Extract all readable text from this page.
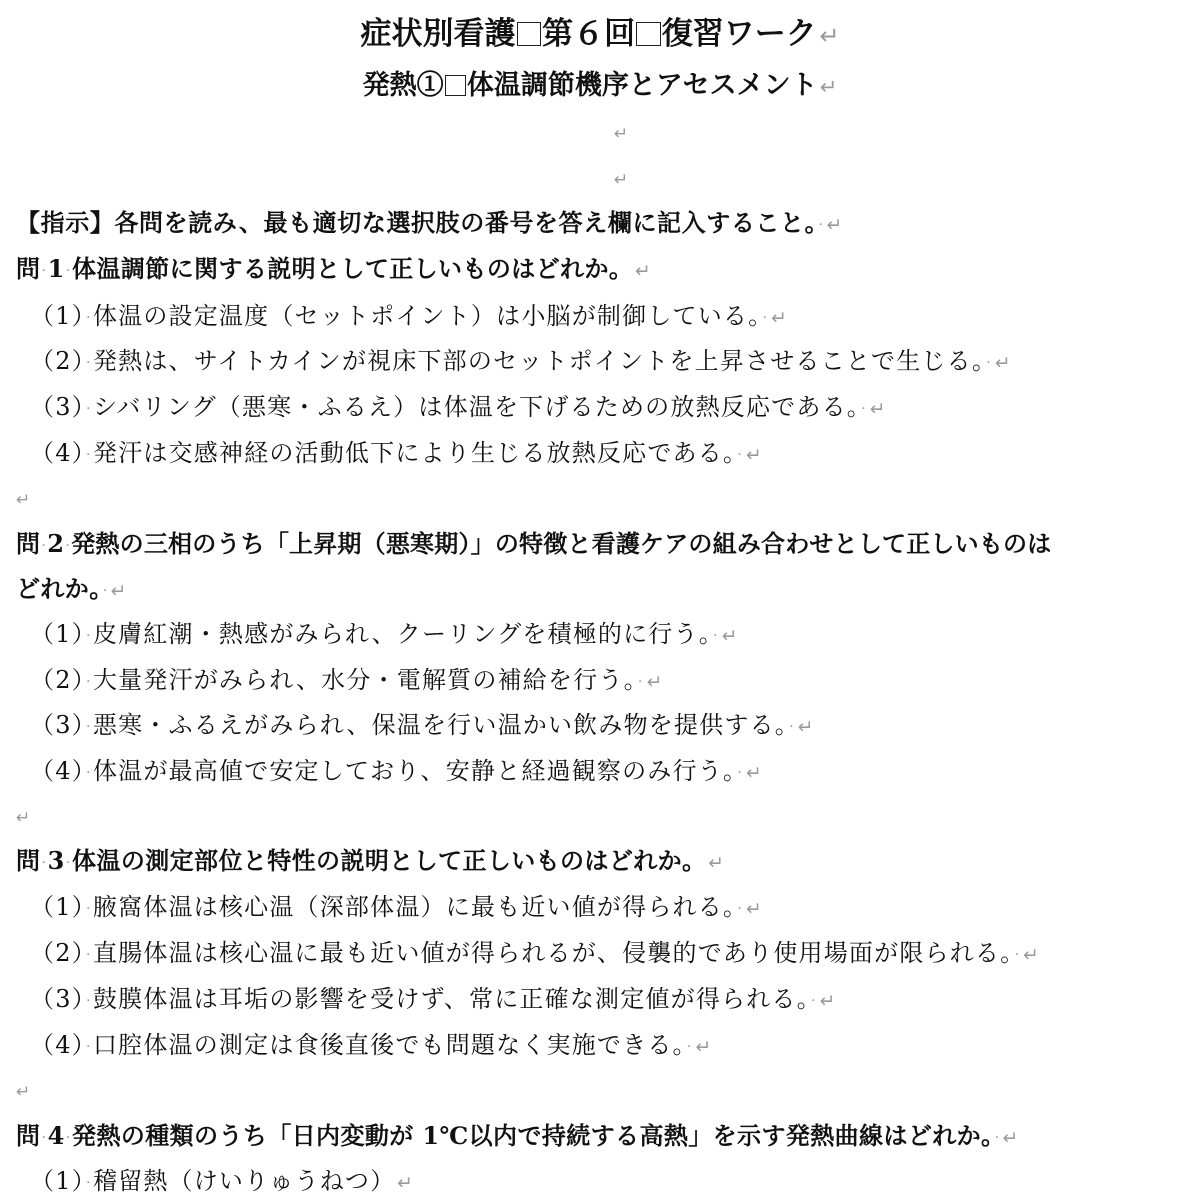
症状別看護 第６回 復習ワーク↵
発熱① 体温調節機序とアセスメント↵
↵
↵
【指示】各問を読み、最も適切な選択肢の番号を答え欄に記入すること。· ↵
問·1·体温調節に関する説明として正しいものはどれか。↵
（1）·体温の設定温度（セットポイント）は小脳が制御している。· ↵
（2）·発熱は、サイトカインが視床下部のセットポイントを上昇させることで生じる。· ↵
（3）·シバリング（悪寒・ふるえ）は体温を下げるための放熱反応である。· ↵
（4）·発汗は交感神経の活動低下により生じる放熱反応である。· ↵
↵
問·2·発熱の三相のうち「上昇期（悪寒期）」の特徴と看護ケアの組み合わせとして正しいものは
どれか。· ↵
（1）·皮膚紅潮・熱感がみられ、クーリングを積極的に行う。· ↵
（2）·大量発汗がみられ、水分・電解質の補給を行う。· ↵
（3）·悪寒・ふるえがみられ、保温を行い温かい飲み物を提供する。· ↵
（4）·体温が最高値で安定しており、安静と経過観察のみ行う。· ↵
↵
問·3·体温の測定部位と特性の説明として正しいものはどれか。↵
（1）·腋窩体温は核心温（深部体温）に最も近い値が得られる。· ↵
（2）·直腸体温は核心温に最も近い値が得られるが、侵襲的であり使用場面が限られる。· ↵
（3）·鼓膜体温は耳垢の影響を受けず、常に正確な測定値が得られる。· ↵
（4）·口腔体温の測定は食後直後でも問題なく実施できる。· ↵
↵
問·4·発熱の種類のうち「日内変動が 1℃以内で持続する高熱」を示す発熱曲線はどれか。· ↵
（1）·稽留熱（けいりゅうねつ）↵
